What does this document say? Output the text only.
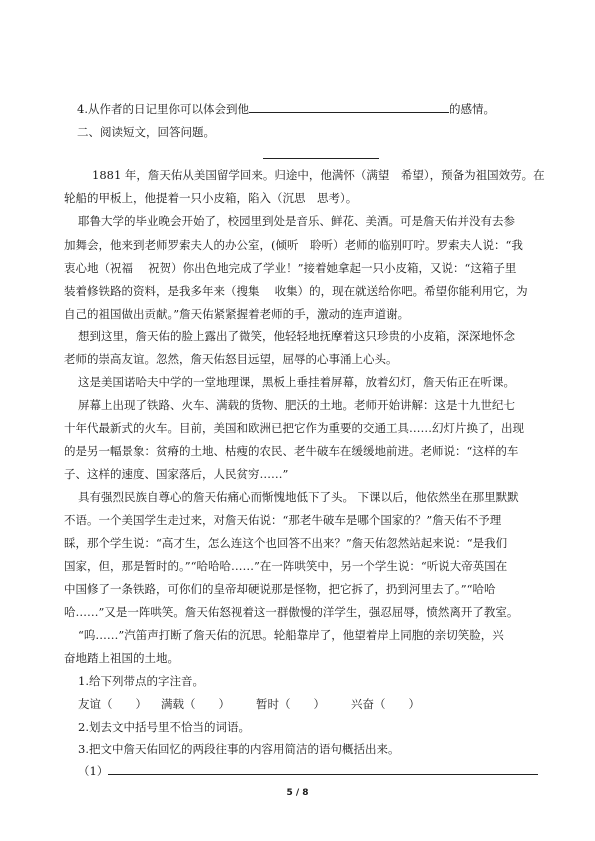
4.从作者的日记里你可以体会到他	的感情。
二、阅读短文，回答问题。
1881 年，詹天佑从美国留学回来。归途中，他满怀（满望　希望），预备为祖国效劳。在
轮船的甲板上，他提着一只小皮箱，陷入（沉思　思考）。
耶鲁大学的毕业晚会开始了，校园里到处是音乐、鲜花、美酒。可是詹天佑并没有去参
加舞会，他来到老师罗索夫人的办公室，(倾听　聆听）老师的临别叮咛。罗索夫人说：“我
衷心地（祝福　 祝贺）你出色地完成了学业！”接着她拿起一只小皮箱，又说：“这箱子里
装着修铁路的资料，是我多年来（搜集　 收集）的，现在就送给你吧。希望你能利用它，为
自己的祖国做出贡献。”詹天佑紧紧握着老师的手，激动的连声道谢。
想到这里，詹天佑的脸上露出了微笑，他轻轻地抚摩着这只珍贵的小皮箱，深深地怀念
老师的崇高友谊。忽然，詹天佑怒目远望，屈辱的心事涌上心头。
这是美国诺哈夫中学的一堂地理课，黑板上垂挂着屏幕，放着幻灯，詹天佑正在听课。
屏幕上出现了铁路、火车、满载的货物、肥沃的土地。老师开始讲解：这是十九世纪七
十年代最新式的火车。目前，美国和欧洲已把它作为重要的交通工具……幻灯片换了，出现
的是另一幅景象：贫瘠的土地、枯瘦的农民、老牛破车在缓缓地前进。老师说：“这样的车
子、这样的速度、国家落后，人民贫穷……”
具有强烈民族自尊心的詹天佑痛心而惭愧地低下了头。 下课以后，他依然坐在那里默默
不语。一个美国学生走过来，对詹天佑说：“那老牛破车是哪个国家的？”詹天佑不予理
睬，那个学生说：“高才生，怎么连这个也回答不出来？”詹天佑忽然站起来说：“是我们
国家，但，那是暂时的。”“哈哈哈……”在一阵哄笑中，另一个学生说：“听说大帝英国在
中国修了一条铁路，可你们的皇帝却硬说那是怪物，把它拆了，扔到河里去了。”“哈哈
哈……”又是一阵哄笑。詹天佑怒视着这一群傲慢的洋学生，强忍屈辱，愤然离开了教室。
“呜……”汽笛声打断了詹天佑的沉思。轮船靠岸了，他望着岸上同胞的亲切笑脸，兴
奋地踏上祖国的土地。
1.给下列带点的字注音。
友谊（　　） 满载（　　） 暂时（　　） 兴奋（　　）
2.划去文中括号里不恰当的词语。
3.把文中詹天佑回忆的两段往事的内容用简洁的语句概括出来。
（1）
5 / 8
